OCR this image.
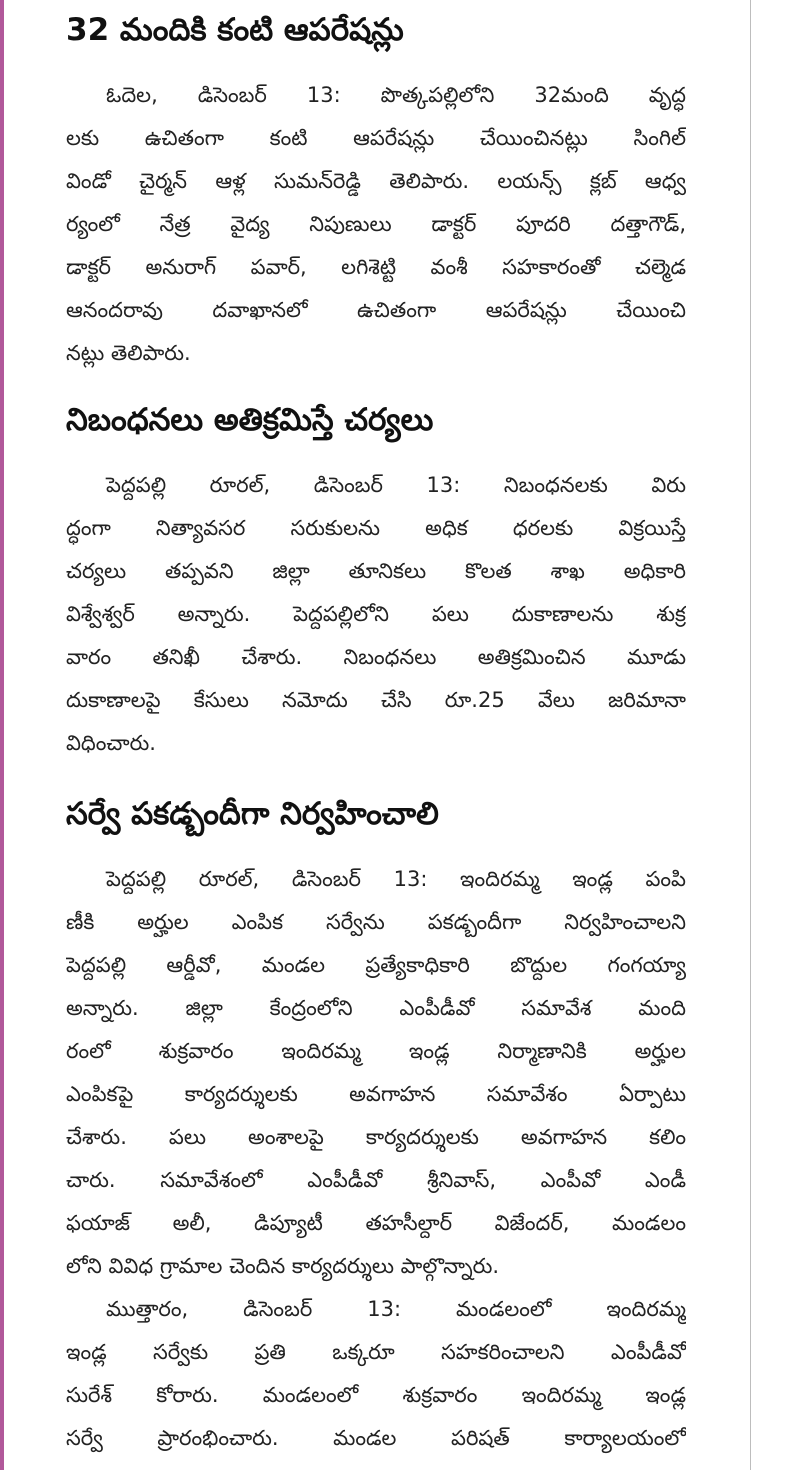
32 మందికి కంటి ఆపరేషన్లు
ఓదెల, డిసెంబర్ 13: పొత్కపల్లిలోని 32మంది వృద్ధ
లకు ఉచితంగా కంటి ఆపరేషన్లు చేయించినట్లు సింగిల్
విండో చైర్మన్ ఆళ్ల సుమన్‌రెడ్డి తెలిపారు. లయన్స్ క్లబ్ ఆధ్వ
ర్యంలో నేత్ర వైద్య నిపుణులు డాక్టర్ పూదరి దత్తాగౌడ్,
డాక్టర్ అనురాగ్ పవార్, లగిశెట్టి వంశీ సహకారంతో చల్మెడ
ఆనందరావు దవాఖానలో ఉచితంగా ఆపరేషన్లు చేయించి
నట్లు తెలిపారు.
నిబంధనలు అతిక్రమిస్తే చర్యలు
పెద్దపల్లి రూరల్, డిసెంబర్ 13: నిబంధనలకు విరు
ద్ధంగా నిత్యావసర సరుకులను అధిక ధరలకు విక్రయిస్తే
చర్యలు తప్పవని జిల్లా తూనికలు కొలత శాఖ అధికారి
విశ్వేశ్వర్ అన్నారు. పెద్దపల్లిలోని పలు దుకాణాలను శుక్ర
వారం తనిఖీ చేశారు. నిబంధనలు అతిక్రమించిన మూడు
దుకాణాలపై కేసులు నమోదు చేసి రూ.25 వేలు జరిమానా
విధించారు.
సర్వే పకడ్బందీగా నిర్వహించాలి
పెద్దపల్లి రూరల్, డిసెంబర్ 13: ఇందిరమ్మ ఇండ్ల పంపి
ణీకి అర్హుల ఎంపిక సర్వేను పకడ్బందీగా నిర్వహించాలని
పెద్దపల్లి ఆర్డీవో, మండల ప్రత్యేకాధికారి బొద్దుల గంగయ్యా
అన్నారు. జిల్లా కేంద్రంలోని ఎంపీడీవో సమావేశ మంది
రంలో శుక్రవారం ఇందిరమ్మ ఇండ్ల నిర్మాణానికి అర్హుల
ఎంపికపై కార్యదర్శులకు అవగాహన సమావేశం ఏర్పాటు
చేశారు. పలు అంశాలపై కార్యదర్శులకు అవగాహన కలిం
చారు. సమావేశంలో ఎంపీడీవో శ్రీనివాస్, ఎంపీవో ఎండీ
ఫయాజ్ అలీ, డిప్యూటీ తహసీల్దార్ విజేందర్, మండలం
లోని వివిధ గ్రామాల చెందిన కార్యదర్శులు పాల్గొన్నారు.
ముత్తారం, డిసెంబర్ 13: మండలంలో ఇందిరమ్మ
ఇండ్ల సర్వేకు ప్రతి ఒక్కరూ సహకరించాలని ఎంపీడీవో
సురేశ్ కోరారు. మండలంలో శుక్రవారం ఇందిరమ్మ ఇండ్ల
సర్వే ప్రారంభించారు. మండల పరిషత్ కార్యాలయంలో
